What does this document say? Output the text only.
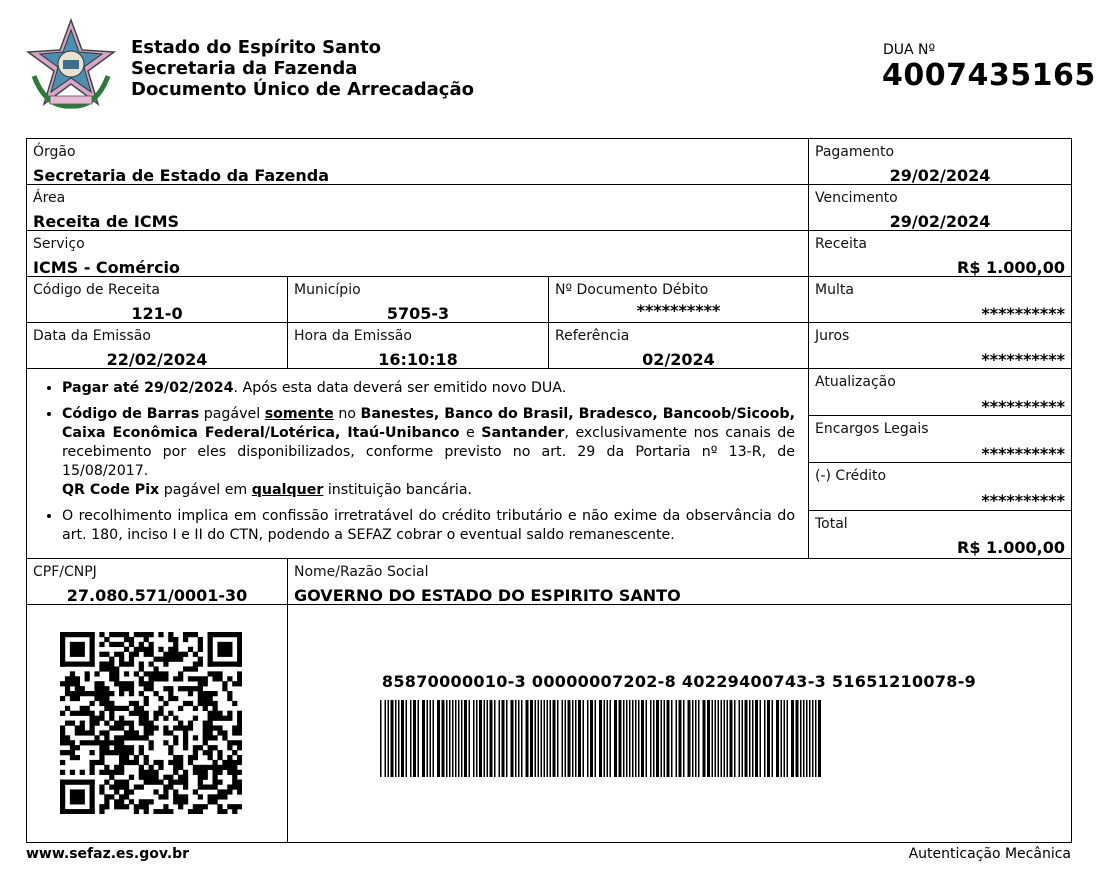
Estado do Espírito Santo
Secretaria da Fazenda
Documento Único de Arrecadação
DUA Nº
4007435165
Órgão
Secretaria de Estado da Fazenda
Área
Receita de ICMS
Serviço
ICMS - Comércio
Código de Receita
121-0
Município
5705-3
Nº Documento Débito
**********
Data da Emissão
22/02/2024
Hora da Emissão
16:10:18
Referência
02/2024
• Pagar até 29/02/2024. Após esta data deverá ser emitido novo DUA.
• Código de Barras pagável somente no Banestes, Banco do Brasil, Bradesco, Bancoob/Sicoob, Caixa Econômica Federal/Lotérica, Itaú-Unibanco e Santander, exclusivamente nos canais de recebimento por eles disponibilizados, conforme previsto no art. 29 da Portaria nº 13-R, de 15/08/2017.
QR Code Pix pagável em qualquer instituição bancária.
• O recolhimento implica em confissão irretratável do crédito tributário e não exime da observância do art. 180, inciso I e II do CTN, podendo a SEFAZ cobrar o eventual saldo remanescente.
Pagamento
29/02/2024
Vencimento
29/02/2024
Receita
R$ 1.000,00
Multa
**********
Juros
**********
Atualização
**********
Encargos Legais
**********
(-) Crédito
**********
Total
R$ 1.000,00
CPF/CNPJ
27.080.571/0001-30
Nome/Razão Social
GOVERNO DO ESTADO DO ESPIRITO SANTO
85870000010-3 00000007202-8 40229400743-3 51651210078-9
www.sefaz.es.gov.br	Autenticação Mecânica
